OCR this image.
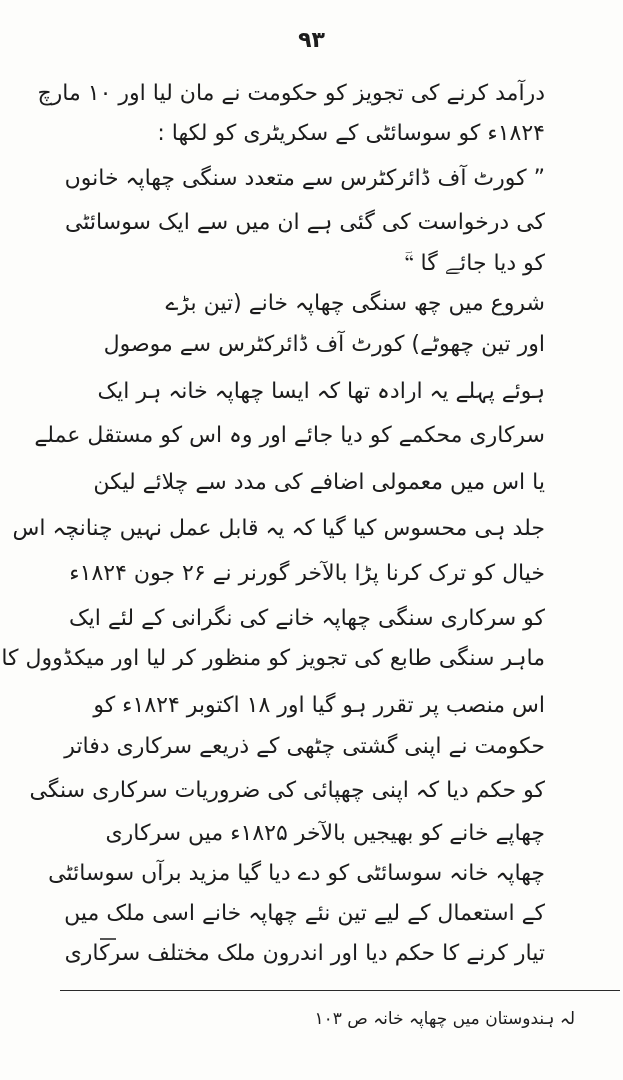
۹۳
درآمد کرنے کی تجویز کو حکومت نے مان لیا اور ۱۰ مارچ
۱۸۲۴ء کو سوسائٹی کے سکریٹری کو لکھا :
” کورٹ آف ڈائرکٹرس سے متعدد سنگی چھاپہ خانوں
کی درخواست کی گئی ہے ان میں سے ایک سوسائٹی
کو دیا جائے گا “ؔ
شروع میں چھ سنگی چھاپہ خانے (تین بڑے
اور تین چھوٹے) کورٹ آف ڈائرکٹرس سے موصول
ہوئے پہلے یہ ارادہ تھا کہ ایسا چھاپہ خانہ ہر ایک
سرکاری محکمے کو دیا جائے اور وہ اس کو مستقل عملے
یا اس میں معمولی اضافے کی مدد سے چلائے لیکن
جلد ہی محسوس کیا گیا کہ یہ قابل عمل نہیں چنانچہ اس
خیال کو ترک کرنا پڑا بالآخر گورنر نے ۲۶ جون ۱۸۲۴ء
کو سرکاری سنگی چھاپہ خانے کی نگرانی کے لئے ایک
ماہر سنگی طابع کی تجویز کو منظور کر لیا اور میکڈوول کا
اس منصب پر تقرر ہو گیا اور ۱۸ اکتوبر ۱۸۲۴ء کو
حکومت نے اپنی گشتی چٹھی کے ذریعے سرکاری دفاتر
کو حکم دیا کہ اپنی چھپائی کی ضروریات سرکاری سنگی
چھاپے خانے کو بھیجیں بالآخر ۱۸۲۵ء میں سرکاری
چھاپہ خانہ سوسائٹی کو دے دیا گیا مزید برآں سوسائٹی
کے استعمال کے لیے تین نئے چھاپہ خانے اسی ملک میں
تیار کرنے کا حکم دیا اور اندرون ملک مختلف سرکاری
لہ ہندوستان میں چھاپہ خانہ ص ۱۰۳
